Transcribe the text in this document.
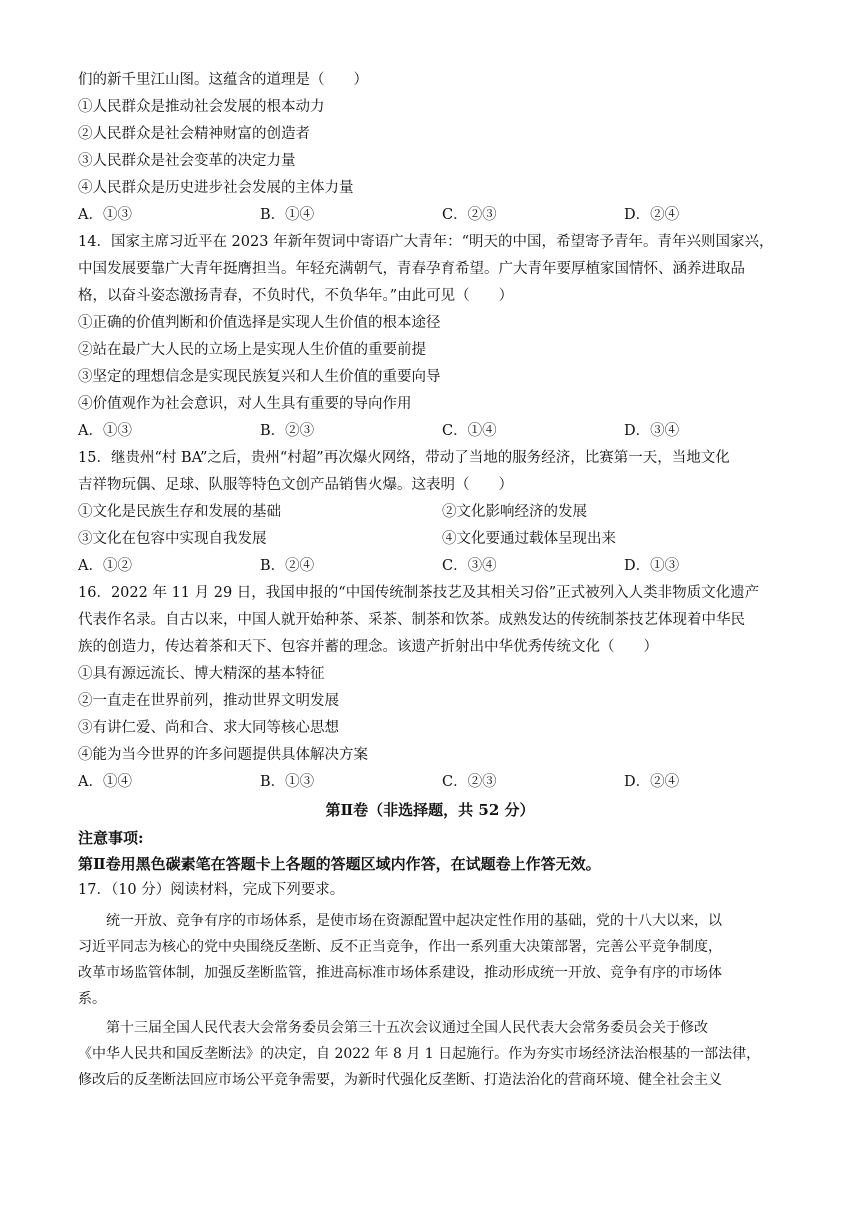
们的新千里江山图。这蕴含的道理是（　　）
①人民群众是推动社会发展的根本动力
②人民群众是社会精神财富的创造者
③人民群众是社会变革的决定力量
④人民群众是历史进步社会发展的主体力量
A．①③	B．①④	C．②③	D．②④
14．国家主席习近平在 2023 年新年贺词中寄语广大青年：“明天的中国，希望寄予青年。青年兴则国家兴，
中国发展要靠广大青年挺膺担当。年轻充满朝气，青春孕育希望。广大青年要厚植家国情怀、涵养进取品
格，以奋斗姿态激扬青春，不负时代，不负华年。”由此可见（　　）
①正确的价值判断和价值选择是实现人生价值的根本途径
②站在最广大人民的立场上是实现人生价值的重要前提
③坚定的理想信念是实现民族复兴和人生价值的重要向导
④价值观作为社会意识，对人生具有重要的导向作用
A．①③	B．②③	C．①④	D．③④
15．继贵州“村 BA”之后，贵州“村超”再次爆火网络，带动了当地的服务经济，比赛第一天，当地文化
吉祥物玩偶、足球、队服等特色文创产品销售火爆。这表明（　　）
①文化是民族生存和发展的基础	②文化影响经济的发展
③文化在包容中实现自我发展	④文化要通过载体呈现出来
A．①②	B．②④	C．③④	D．①③
16．2022 年 11 月 29 日，我国申报的“中国传统制茶技艺及其相关习俗”正式被列入人类非物质文化遗产
代表作名录。自古以来，中国人就开始种茶、采茶、制茶和饮茶。成熟发达的传统制茶技艺体现着中华民
族的创造力，传达着茶和天下、包容并蓄的理念。该遗产折射出中华优秀传统文化（　　）
①具有源远流长、博大精深的基本特征
②一直走在世界前列，推动世界文明发展
③有讲仁爱、尚和合、求大同等核心思想
④能为当今世界的许多问题提供具体解决方案
A．①④	B．①③	C．②③	D．②④
第Ⅱ卷（非选择题，共 52 分）
注意事项:
第Ⅱ卷用黑色碳素笔在答题卡上各题的答题区域内作答，在试题卷上作答无效。
17．（10 分）阅读材料，完成下列要求。
统一开放、竞争有序的市场体系，是使市场在资源配置中起决定性作用的基础，党的十八大以来，以
习近平同志为核心的党中央围绕反垄断、反不正当竞争，作出一系列重大决策部署，完善公平竞争制度，
改革市场监管体制，加强反垄断监管，推进高标准市场体系建设，推动形成统一开放、竞争有序的市场体
系。
第十三届全国人民代表大会常务委员会第三十五次会议通过全国人民代表大会常务委员会关于修改
《中华人民共和国反垄断法》的决定，自 2022 年 8 月 1 日起施行。作为夯实市场经济法治根基的一部法律，
修改后的反垄断法回应市场公平竞争需要，为新时代强化反垄断、打造法治化的营商环境、健全社会主义
